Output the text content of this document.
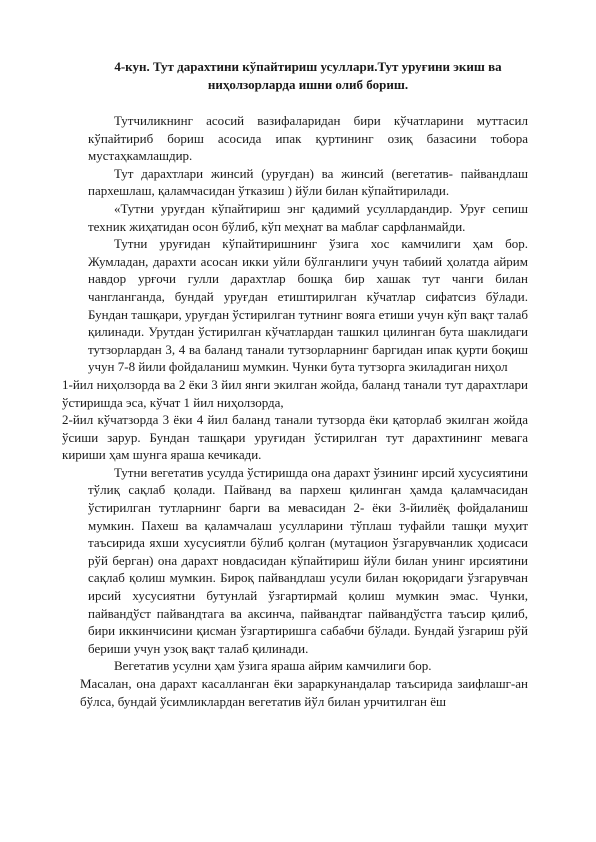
4-кун. Тут дарахтини кўпайтириш усуллари.Тут уруғини экиш ва ниҳолзорларда ишни олиб бориш.

Тутчиликнинг асосий вазифаларидан бири кўчатларини муттасил кўпайтириб бориш асосида ипак қуртининг озиқ базасини тобора мустаҳкамлашдир.

Тут дарахтлари жинсий (уруғдан) ва жинсий (вегетатив- пайвандлаш пархешлаш, қаламчасидан ўтказиш ) йўли билан кўпайтирилади.

«Тутни уруғдан кўпайтириш энг қадимий усуллардандир. Уруғ сепиш техник жиҳатидан осон бўлиб, кўп меҳнат ва маблағ сарфланмайди.

Тутни уруғидан кўпайтиришнинг ўзига хос камчилиги ҳам бор. Жумладан, дарахти асосан икки уйли бўлганлиги учун табиий ҳолатда айрим навдор урғочи гулли дарахтлар бошқа бир хашак тут чанги билан чангланганда, бундай уруғдан етиштирилган кўчатлар сифатсиз бўлади. Бундан ташқари, уруғдан ўстирилган тутнинг вояга етиши учун кўп вақт талаб қилинади. Урутдан ўстирилган кўчатлардан ташкил цилинган бута шаклидаги тутзорлардан 3, 4 ва баланд танали тутзорларнинг баргидан ипак қурти боқиш учун 7-8 йили фойдаланиш мумкин. Чунки бута тутзорга экиладиган ниҳол

1-йил ниҳолзорда ва 2 ёки 3 йил янги экилган жойда, баланд танали тут дарахтлари ўстиришда эса, кўчат 1 йил ниҳолзорда,

2-йил кўчатзорда 3 ёки 4 йил баланд танали тутзорда ёки қаторлаб экилган жойда ўсиши зарур. Бундан ташқари уруғидан ўстирилган тут дарахтининг мевага кириши ҳам шунга яраша кечикади.

Тутни вегетатив усулда ўстиришда она дарахт ўзининг ирсий хусусиятини тўлиқ сақлаб қолади. Пайванд ва пархеш қилинган ҳамда қаламчасидан ўстирилган тутларнинг барги ва мевасидан 2- ёки 3-йилиёқ фойдаланиш мумкин. Пахеш ва қаламчалаш усулларини тўплаш туфайли ташқи муҳит таъсирида яхши хусусиятли бўлиб қолган (мутацион ўзгарувчанлик ҳодисаси рўй берган) она дарахт новдасидан кўпайтириш йўли билан унинг ирсиятини сақлаб қолиш мумкин. Бироқ пайвандлаш усули билан юқоридаги ўзгарувчан ирсий хусусиятни бутунлай ўзгартирмай қолиш мумкин эмас. Чунки, пайвандўст пайвандтага ва аксинча, пайвандтаг пайвандўстга таъсир қилиб, бири иккинчисини қисман ўзгартиришга сабабчи бўлади. Бундай ўзгариш рўй бериши учун узоқ вақт талаб қилинади.

Вегетатив усулни ҳам ўзига яраша айрим камчилиги бор.

Масалан, она дарахт касалланган ёки зараркунандалар таъсирида заифлашг-ан бўлса, бундай ўсимликлардан вегетатив йўл билан урчитилган ёш
